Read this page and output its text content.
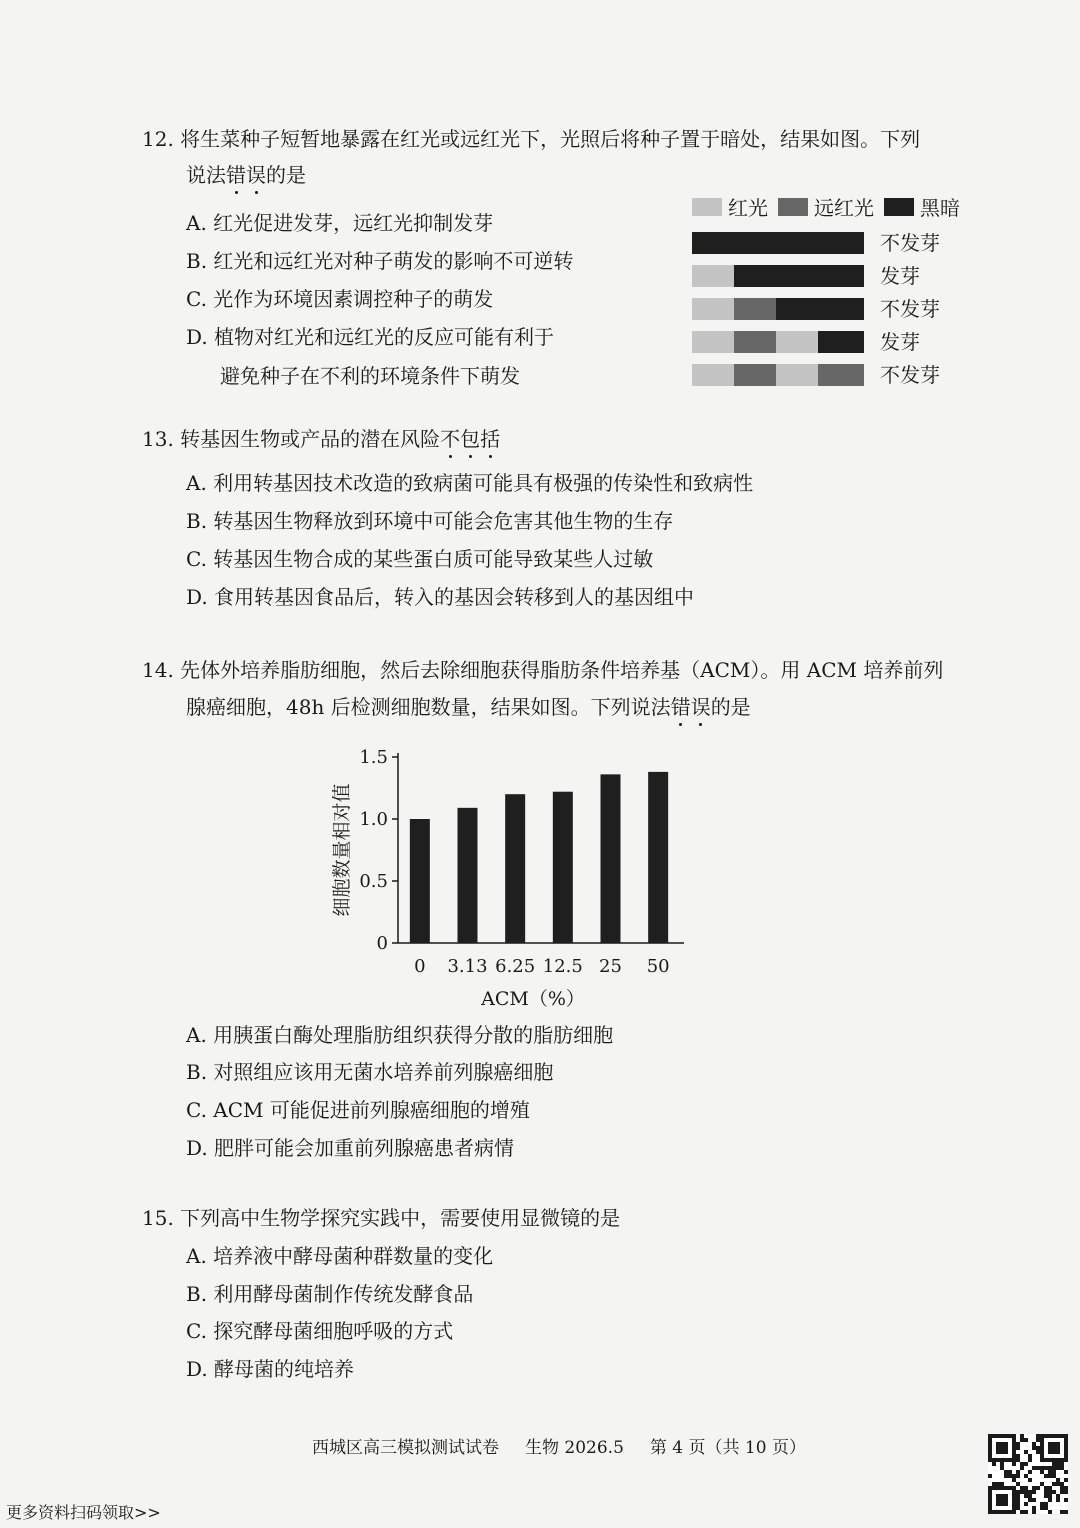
12. 将生菜种子短暂地暴露在红光或远红光下，光照后将种子置于暗处，结果如图。下列
说法错误的是
A. 红光促进发芽，远红光抑制发芽
B. 红光和远红光对种子萌发的影响不可逆转
C. 光作为环境因素调控种子的萌发
D. 植物对红光和远红光的反应可能有利于
避免种子在不利的环境条件下萌发
红光 远红光 黑暗
不发芽
发芽
不发芽
发芽
不发芽
13. 转基因生物或产品的潜在风险不包括
A. 利用转基因技术改造的致病菌可能具有极强的传染性和致病性
B. 转基因生物释放到环境中可能会危害其他生物的生存
C. 转基因生物合成的某些蛋白质可能导致某些人过敏
D. 食用转基因食品后，转入的基因会转移到人的基因组中
14. 先体外培养脂肪细胞，然后去除细胞获得脂肪条件培养基（ACM）。用 ACM 培养前列
腺癌细胞，48h 后检测细胞数量，结果如图。下列说法错误的是
0
0.5
1.0
1.5
0 3.13 6.25 12.5 25 50
ACM（%）
细胞数量相对值
A. 用胰蛋白酶处理脂肪组织获得分散的脂肪细胞
B. 对照组应该用无菌水培养前列腺癌细胞
C. ACM 可能促进前列腺癌细胞的增殖
D. 肥胖可能会加重前列腺癌患者病情
15. 下列高中生物学探究实践中，需要使用显微镜的是
A. 培养液中酵母菌种群数量的变化
B. 利用酵母菌制作传统发酵食品
C. 探究酵母菌细胞呼吸的方式
D. 酵母菌的纯培养
西城区高三模拟测试试卷 生物 2026.5 第 4 页（共 10 页）
更多资料扫码领取>>
